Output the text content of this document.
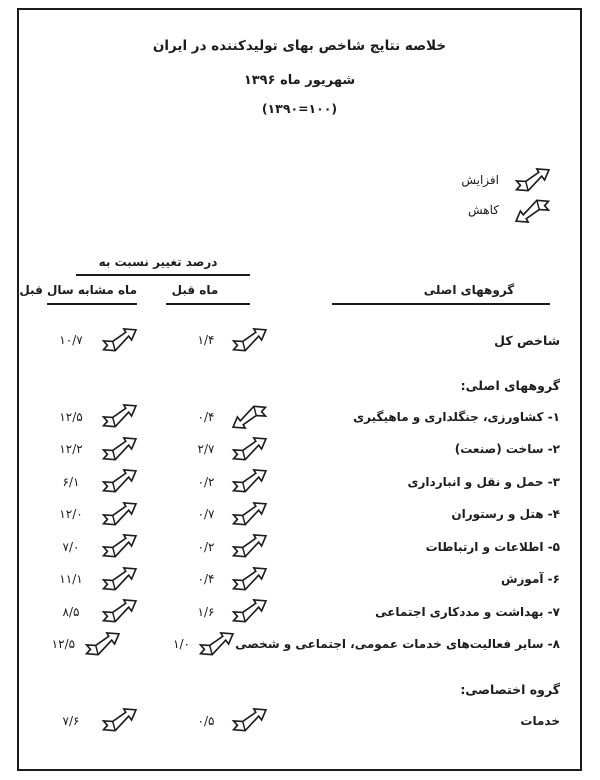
خلاصه نتایج شاخص بهای تولیدکننده در ایران
شهریور ماه ۱۳۹۶
(۱۳۹۰=۱۰۰)
افزایش
کاهش
درصد تغییر نسبت به
ماه مشابه سال قبل	ماه قبل	گروههای اصلی
۱۰/۷	۱/۴	شاخص کل
گروههای اصلی:
۱۲/۵	۰/۴	۱- کشاورزی، جنگلداری و ماهیگیری
۱۲/۲	۲/۷	۲- ساخت (صنعت)
۶/۱	۰/۲	۳- حمل و نقل و انبارداری
۱۲/۰	۰/۷	۴- هتل و رستوران
۷/۰	۰/۲	۵- اطلاعات و ارتباطات
۱۱/۱	۰/۴	۶- آموزش
۸/۵	۱/۶	۷- بهداشت و مددکاری اجتماعی
۱۲/۵	۱/۰	۸- سایر فعالیت‌های خدمات عمومی، اجتماعی و شخصی
گروه اختصاصی:
۷/۶	۰/۵	خدمات
